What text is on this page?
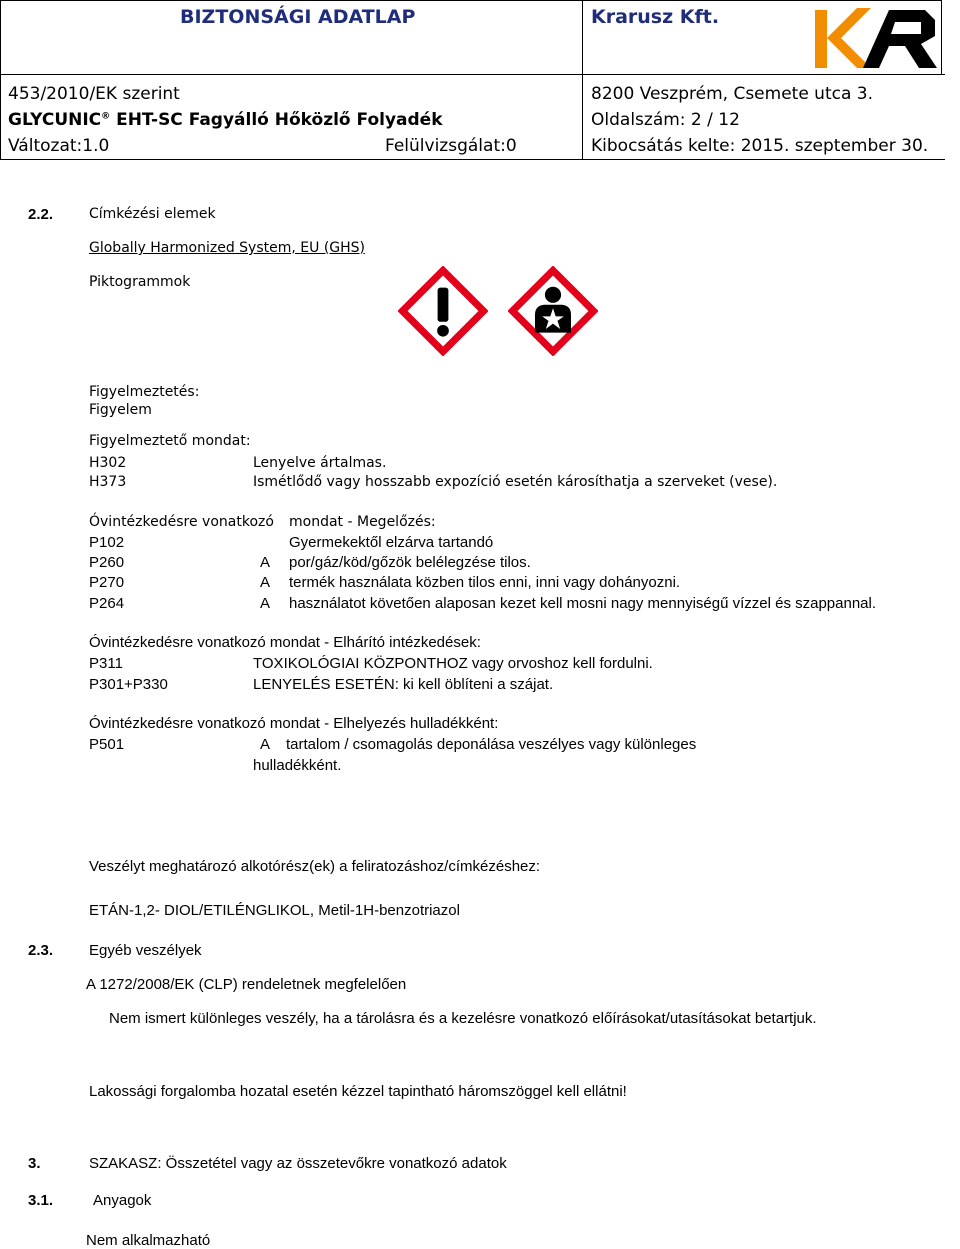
BIZTONSÁGI ADATLAP	Krarusz Kft.
453/2010/EK szerint	8200 Veszprém, Csemete utca 3.
GLYCUNIC® EHT-SC Fagyálló Hőközlő Folyadék	Oldalszám: 2 / 12
Változat:1.0	Felülvizsgálat:0	Kibocsátás kelte: 2015. szeptember 30.
2.2.	Címkézési elemek
Globally Harmonized System, EU (GHS)
Piktogrammok
Figyelmeztetés:
Figyelem
Figyelmeztető mondat:
H302	Lenyelve ártalmas.
H373	Ismétlődő vagy hosszabb expozíció esetén károsíthatja a szerveket (vese).
Óvintézkedésre vonatkozó mondat - Megelőzés:
P102	Gyermekektől elzárva tartandó
P260	A por/gáz/köd/gőzök belélegzése tilos.
P270	A termék használata közben tilos enni, inni vagy dohányozni.
P264	A használatot követően alaposan kezet kell mosni nagy mennyiségű vízzel és szappannal.
Óvintézkedésre vonatkozó mondat - Elhárító intézkedések:
P311	TOXIKOLÓGIAI KÖZPONTHOZ vagy orvoshoz kell fordulni.
P301+P330	LENYELÉS ESETÉN: ki kell öblíteni a szájat.
Óvintézkedésre vonatkozó mondat - Elhelyezés hulladékként:
P501	A tartalom / csomagolás deponálása veszélyes vagy különleges
hulladékként.
Veszélyt meghatározó alkotórész(ek) a feliratozáshoz/címkézéshez:
ETÁN-1,2- DIOL/ETILÉNGLIKOL, Metil-1H-benzotriazol
2.3. Egyéb veszélyek
A 1272/2008/EK (CLP) rendeletnek megfelelően
Nem ismert különleges veszély, ha a tárolásra és a kezelésre vonatkozó előírásokat/utasításokat betartjuk.
Lakossági forgalomba hozatal esetén kézzel tapintható háromszöggel kell ellátni!
3.	SZAKASZ: Összetétel vagy az összetevőkre vonatkozó adatok
3.1.	Anyagok
Nem alkalmazható
